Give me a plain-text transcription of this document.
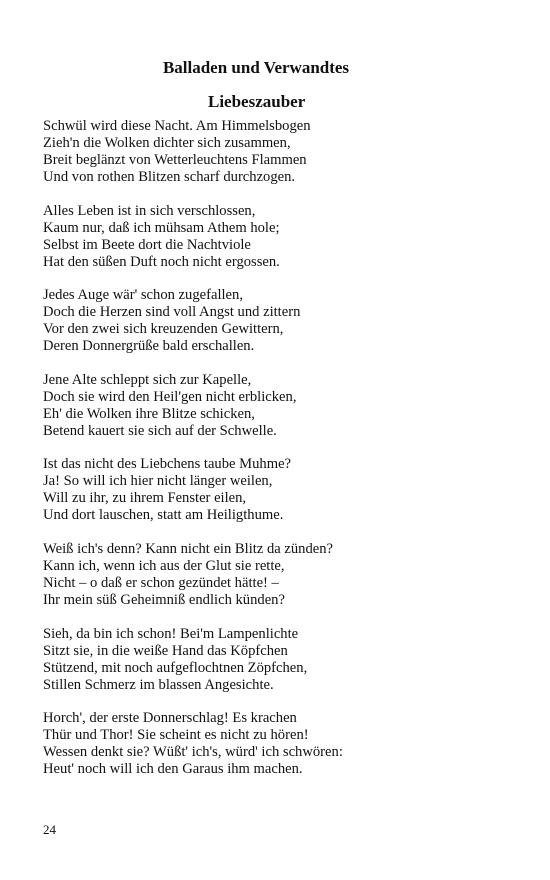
Balladen und Verwandtes
Liebeszauber
Schwül wird diese Nacht. Am Himmelsbogen
Zieh'n die Wolken dichter sich zusammen,
Breit beglänzt von Wetterleuchtens Flammen
Und von rothen Blitzen scharf durchzogen.
Alles Leben ist in sich verschlossen,
Kaum nur, daß ich mühsam Athem hole;
Selbst im Beete dort die Nachtviole
Hat den süßen Duft noch nicht ergossen.
Jedes Auge wär' schon zugefallen,
Doch die Herzen sind voll Angst und zittern
Vor den zwei sich kreuzenden Gewittern,
Deren Donnergrüße bald erschallen.
Jene Alte schleppt sich zur Kapelle,
Doch sie wird den Heil'gen nicht erblicken,
Eh' die Wolken ihre Blitze schicken,
Betend kauert sie sich auf der Schwelle.
Ist das nicht des Liebchens taube Muhme?
Ja! So will ich hier nicht länger weilen,
Will zu ihr, zu ihrem Fenster eilen,
Und dort lauschen, statt am Heiligthume.
Weiß ich's denn? Kann nicht ein Blitz da zünden?
Kann ich, wenn ich aus der Glut sie rette,
Nicht – o daß er schon gezündet hätte! –
Ihr mein süß Geheimniß endlich künden?
Sieh, da bin ich schon! Bei'm Lampenlichte
Sitzt sie, in die weiße Hand das Köpfchen
Stützend, mit noch aufgeflochtnen Zöpfchen,
Stillen Schmerz im blassen Angesichte.
Horch', der erste Donnerschlag! Es krachen
Thür und Thor! Sie scheint es nicht zu hören!
Wessen denkt sie? Wüßt' ich's, würd' ich schwören:
Heut' noch will ich den Garaus ihm machen.
24
